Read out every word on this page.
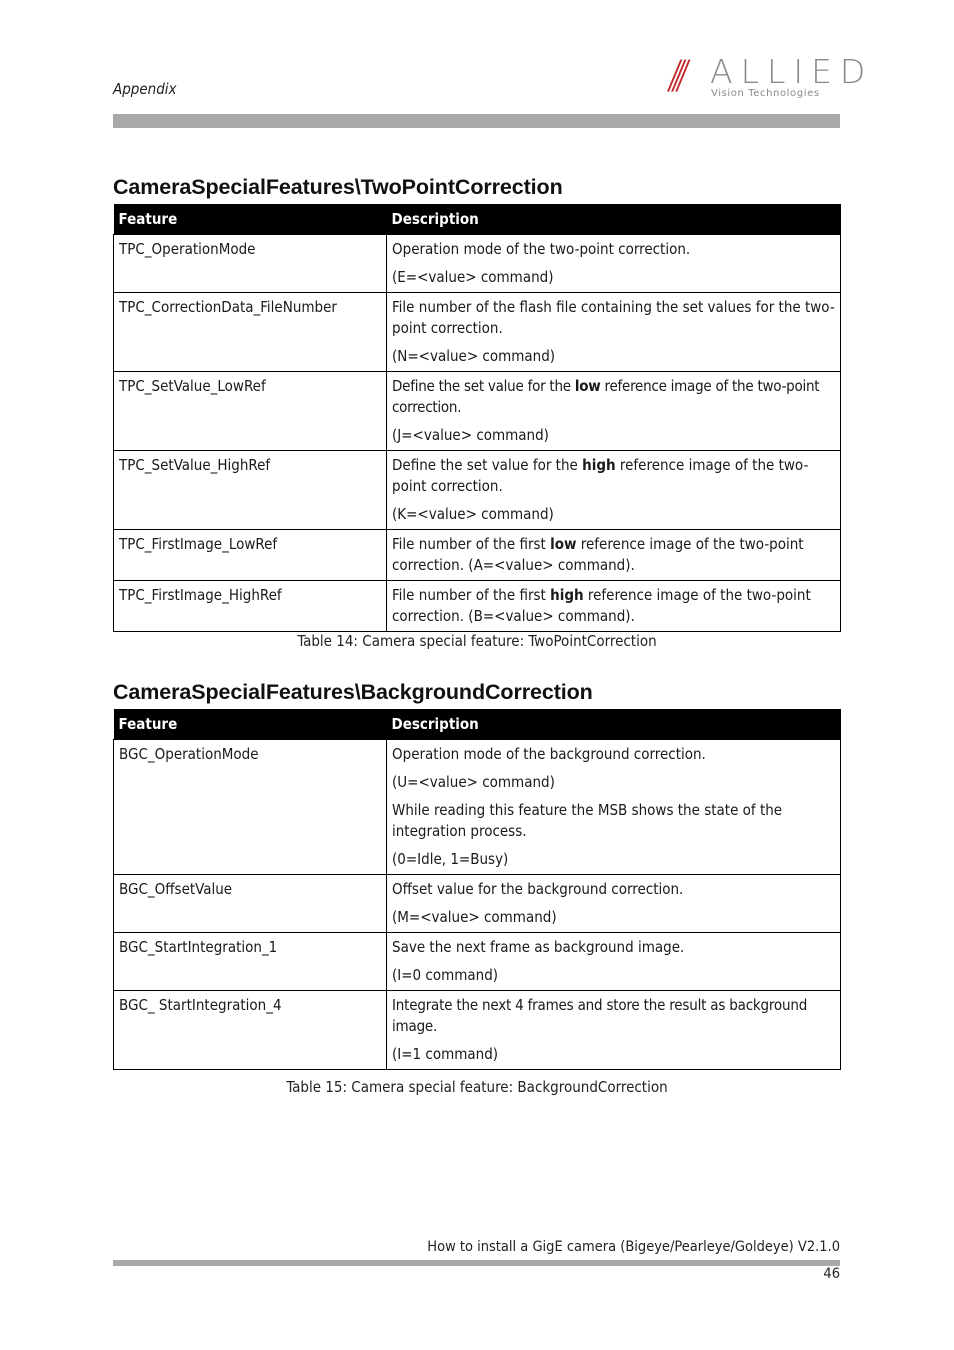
Appendix	/// ALLIED
Vision Technologies
CameraSpecialFeatures\TwoPointCorrection
Feature	Description
TPC_OperationMode	Operation mode of the two-point correction.

(E=<value> command)

TPC_CorrectionData_FileNumber	File number of the flash file containing the set values for the two-point correction.

(N=<value> command)

TPC_SetValue_LowRef	Define the set value for the low reference image of the two-point correction.

(J=<value> command)

TPC_SetValue_HighRef	Define the set value for the high reference image of the two-point correction.

(K=<value> command)

TPC_FirstImage_LowRef	File number of the first low reference image of the two-point correction. (A=<value> command).

TPC_FirstImage_HighRef	File number of the first high reference image of the two-point correction. (B=<value> command).

Table 14: Camera special feature: TwoPointCorrection
CameraSpecialFeatures\BackgroundCorrection
Feature	Description
BGC_OperationMode	Operation mode of the background correction.

(U=<value> command)

While reading this feature the MSB shows the state of the integration process.

(0=Idle, 1=Busy)

BGC_OffsetValue	Offset value for the background correction.

(M=<value> command)

BGC_StartIntegration_1	Save the next frame as background image.

(I=0 command)

BGC_ StartIntegration_4	Integrate the next 4 frames and store the result as background image.

(I=1 command)

Table 15: Camera special feature: BackgroundCorrection
How to install a GigE camera (Bigeye/Pearleye/Goldeye) V2.1.0
46
